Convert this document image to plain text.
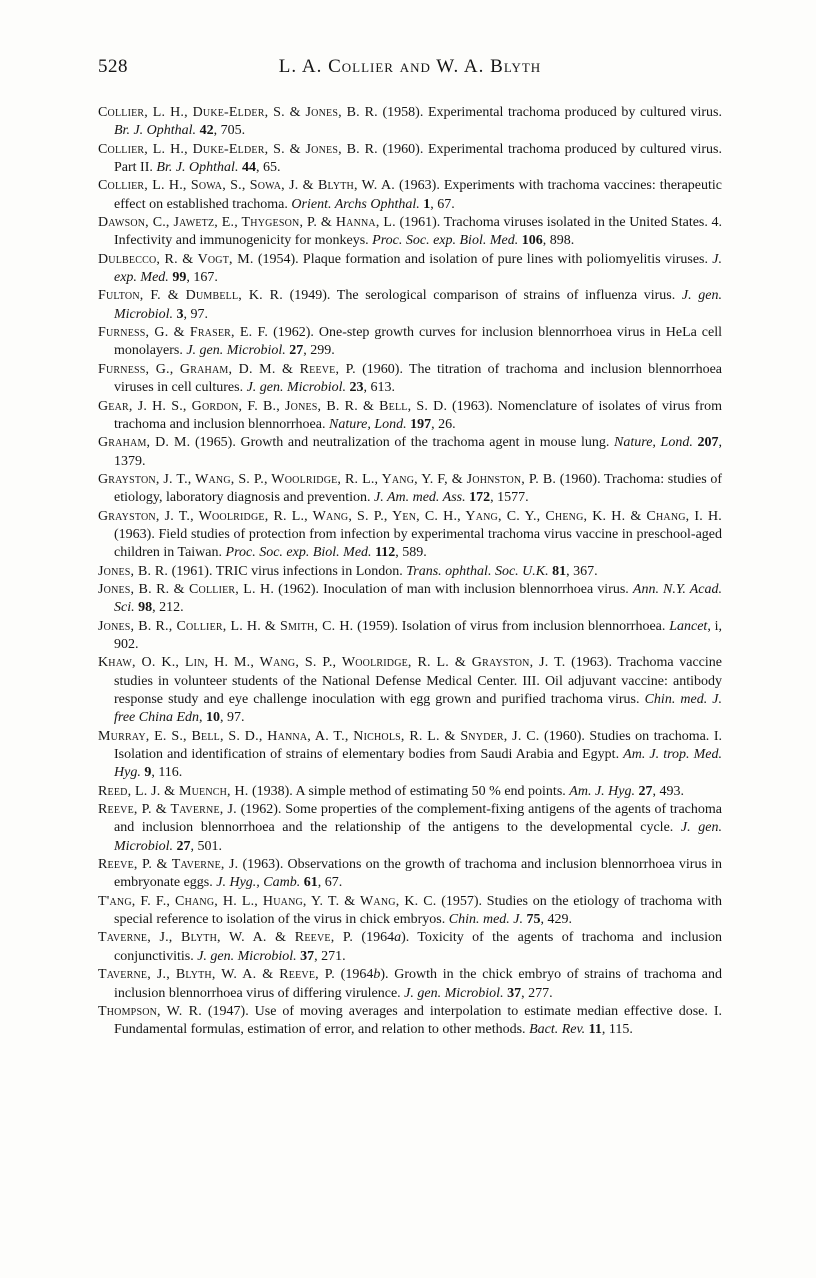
528	L. A. Collier and W. A. Blyth

Collier, L. H., Duke-Elder, S. & Jones, B. R. (1958). Experimental trachoma produced by cultured virus. Br. J. Ophthal. 42, 705.

Collier, L. H., Duke-Elder, S. & Jones, B. R. (1960). Experimental trachoma produced by cultured virus. Part II. Br. J. Ophthal. 44, 65.

Collier, L. H., Sowa, S., Sowa, J. & Blyth, W. A. (1963). Experiments with trachoma vaccines: therapeutic effect on established trachoma. Orient. Archs Ophthal. 1, 67.

Dawson, C., Jawetz, E., Thygeson, P. & Hanna, L. (1961). Trachoma viruses isolated in the United States. 4. Infectivity and immunogenicity for monkeys. Proc. Soc. exp. Biol. Med. 106, 898.

Dulbecco, R. & Vogt, M. (1954). Plaque formation and isolation of pure lines with poliomyelitis viruses. J. exp. Med. 99, 167.

Fulton, F. & Dumbell, K. R. (1949). The serological comparison of strains of influenza virus. J. gen. Microbiol. 3, 97.

Furness, G. & Fraser, E. F. (1962). One-step growth curves for inclusion blennorrhoea virus in HeLa cell monolayers. J. gen. Microbiol. 27, 299.

Furness, G., Graham, D. M. & Reeve, P. (1960). The titration of trachoma and inclusion blennorrhoea viruses in cell cultures. J. gen. Microbiol. 23, 613.

Gear, J. H. S., Gordon, F. B., Jones, B. R. & Bell, S. D. (1963). Nomenclature of isolates of virus from trachoma and inclusion blennorrhoea. Nature, Lond. 197, 26.

Graham, D. M. (1965). Growth and neutralization of the trachoma agent in mouse lung. Nature, Lond. 207, 1379.

Grayston, J. T., Wang, S. P., Woolridge, R. L., Yang, Y. F, & Johnston, P. B. (1960). Trachoma: studies of etiology, laboratory diagnosis and prevention. J. Am. med. Ass. 172, 1577.

Grayston, J. T., Woolridge, R. L., Wang, S. P., Yen, C. H., Yang, C. Y., Cheng, K. H. & Chang, I. H. (1963). Field studies of protection from infection by experimental trachoma virus vaccine in preschool-aged children in Taiwan. Proc. Soc. exp. Biol. Med. 112, 589.

Jones, B. R. (1961). TRIC virus infections in London. Trans. ophthal. Soc. U.K. 81, 367.

Jones, B. R. & Collier, L. H. (1962). Inoculation of man with inclusion blennorrhoea virus. Ann. N.Y. Acad. Sci. 98, 212.

Jones, B. R., Collier, L. H. & Smith, C. H. (1959). Isolation of virus from inclusion blennorrhoea. Lancet, i, 902.

Khaw, O. K., Lin, H. M., Wang, S. P., Woolridge, R. L. & Grayston, J. T. (1963). Trachoma vaccine studies in volunteer students of the National Defense Medical Center. III. Oil adjuvant vaccine: antibody response study and eye challenge inoculation with egg grown and purified trachoma virus. Chin. med. J. free China Edn, 10, 97.

Murray, E. S., Bell, S. D., Hanna, A. T., Nichols, R. L. & Snyder, J. C. (1960). Studies on trachoma. I. Isolation and identification of strains of elementary bodies from Saudi Arabia and Egypt. Am. J. trop. Med. Hyg. 9, 116.

Reed, L. J. & Muench, H. (1938). A simple method of estimating 50 % end points. Am. J. Hyg. 27, 493.

Reeve, P. & Taverne, J. (1962). Some properties of the complement-fixing antigens of the agents of trachoma and inclusion blennorrhoea and the relationship of the antigens to the developmental cycle. J. gen. Microbiol. 27, 501.

Reeve, P. & Taverne, J. (1963). Observations on the growth of trachoma and inclusion blennorrhoea virus in embryonate eggs. J. Hyg., Camb. 61, 67.

T'ang, F. F., Chang, H. L., Huang, Y. T. & Wang, K. C. (1957). Studies on the etiology of trachoma with special reference to isolation of the virus in chick embryos. Chin. med. J. 75, 429.

Taverne, J., Blyth, W. A. & Reeve, P. (1964a). Toxicity of the agents of trachoma and inclusion conjunctivitis. J. gen. Microbiol. 37, 271.

Taverne, J., Blyth, W. A. & Reeve, P. (1964b). Growth in the chick embryo of strains of trachoma and inclusion blennorrhoea virus of differing virulence. J. gen. Microbiol. 37, 277.

Thompson, W. R. (1947). Use of moving averages and interpolation to estimate median effective dose. I. Fundamental formulas, estimation of error, and relation to other methods. Bact. Rev. 11, 115.
